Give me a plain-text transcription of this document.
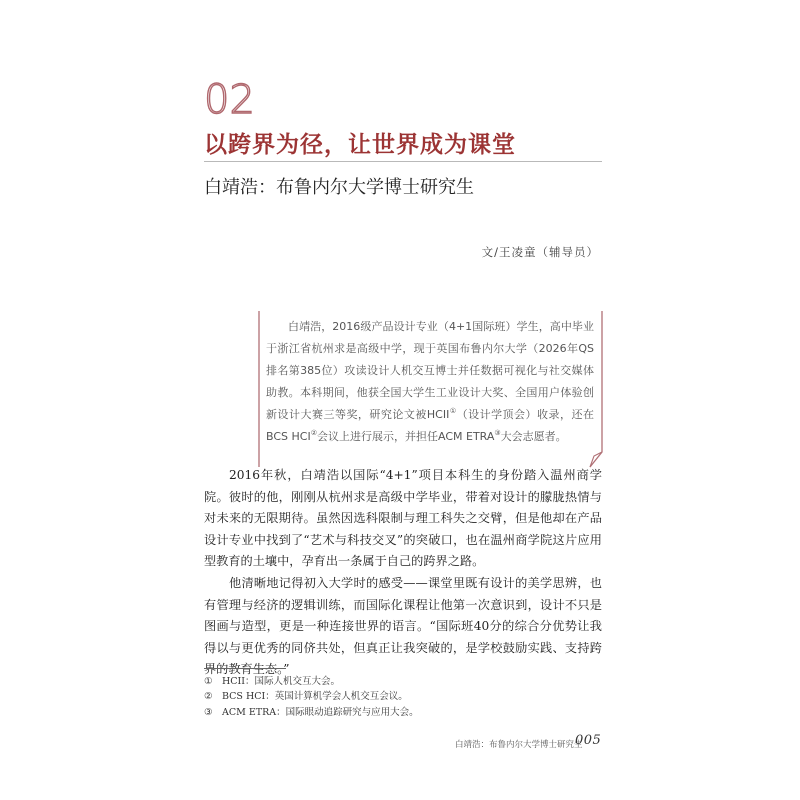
02
以跨界为径，让世界成为课堂
白靖浩：布鲁内尔大学博士研究生
文/王凌童（辅导员）

白靖浩，2016级产品设计专业（4+1国际班）学生，高中毕业于浙江省杭州求是高级中学，现于英国布鲁内尔大学（2026年QS排名第385位）攻读设计人机交互博士并任数据可视化与社交媒体助教。本科期间，他获全国大学生工业设计大奖、全国用户体验创新设计大赛三等奖，研究论文被HCII①（设计学顶会）收录，还在BCS HCI②会议上进行展示，并担任ACM ETRA③大会志愿者。

2016年秋，白靖浩以国际“4+1”项目本科生的身份踏入温州商学院。彼时的他，刚刚从杭州求是高级中学毕业，带着对设计的朦胧热情与对未来的无限期待。虽然因选科限制与理工科失之交臂，但是他却在产品设计专业中找到了“艺术与科技交叉”的突破口，也在温州商学院这片应用型教育的土壤中，孕育出一条属于自己的跨界之路。

他清晰地记得初入大学时的感受——课堂里既有设计的美学思辨，也有管理与经济的逻辑训练，而国际化课程让他第一次意识到，设计不只是图画与造型，更是一种连接世界的语言。“国际班40分的综合分优势让我得以与更优秀的同侪共处，但真正让我突破的，是学校鼓励实践、支持跨界的教育生态。”

① HCII：国际人机交互大会。
② BCS HCI：英国计算机学会人机交互会议。
③ ACM ETRA：国际眼动追踪研究与应用大会。
白靖浩：布鲁内尔大学博士研究生
005
